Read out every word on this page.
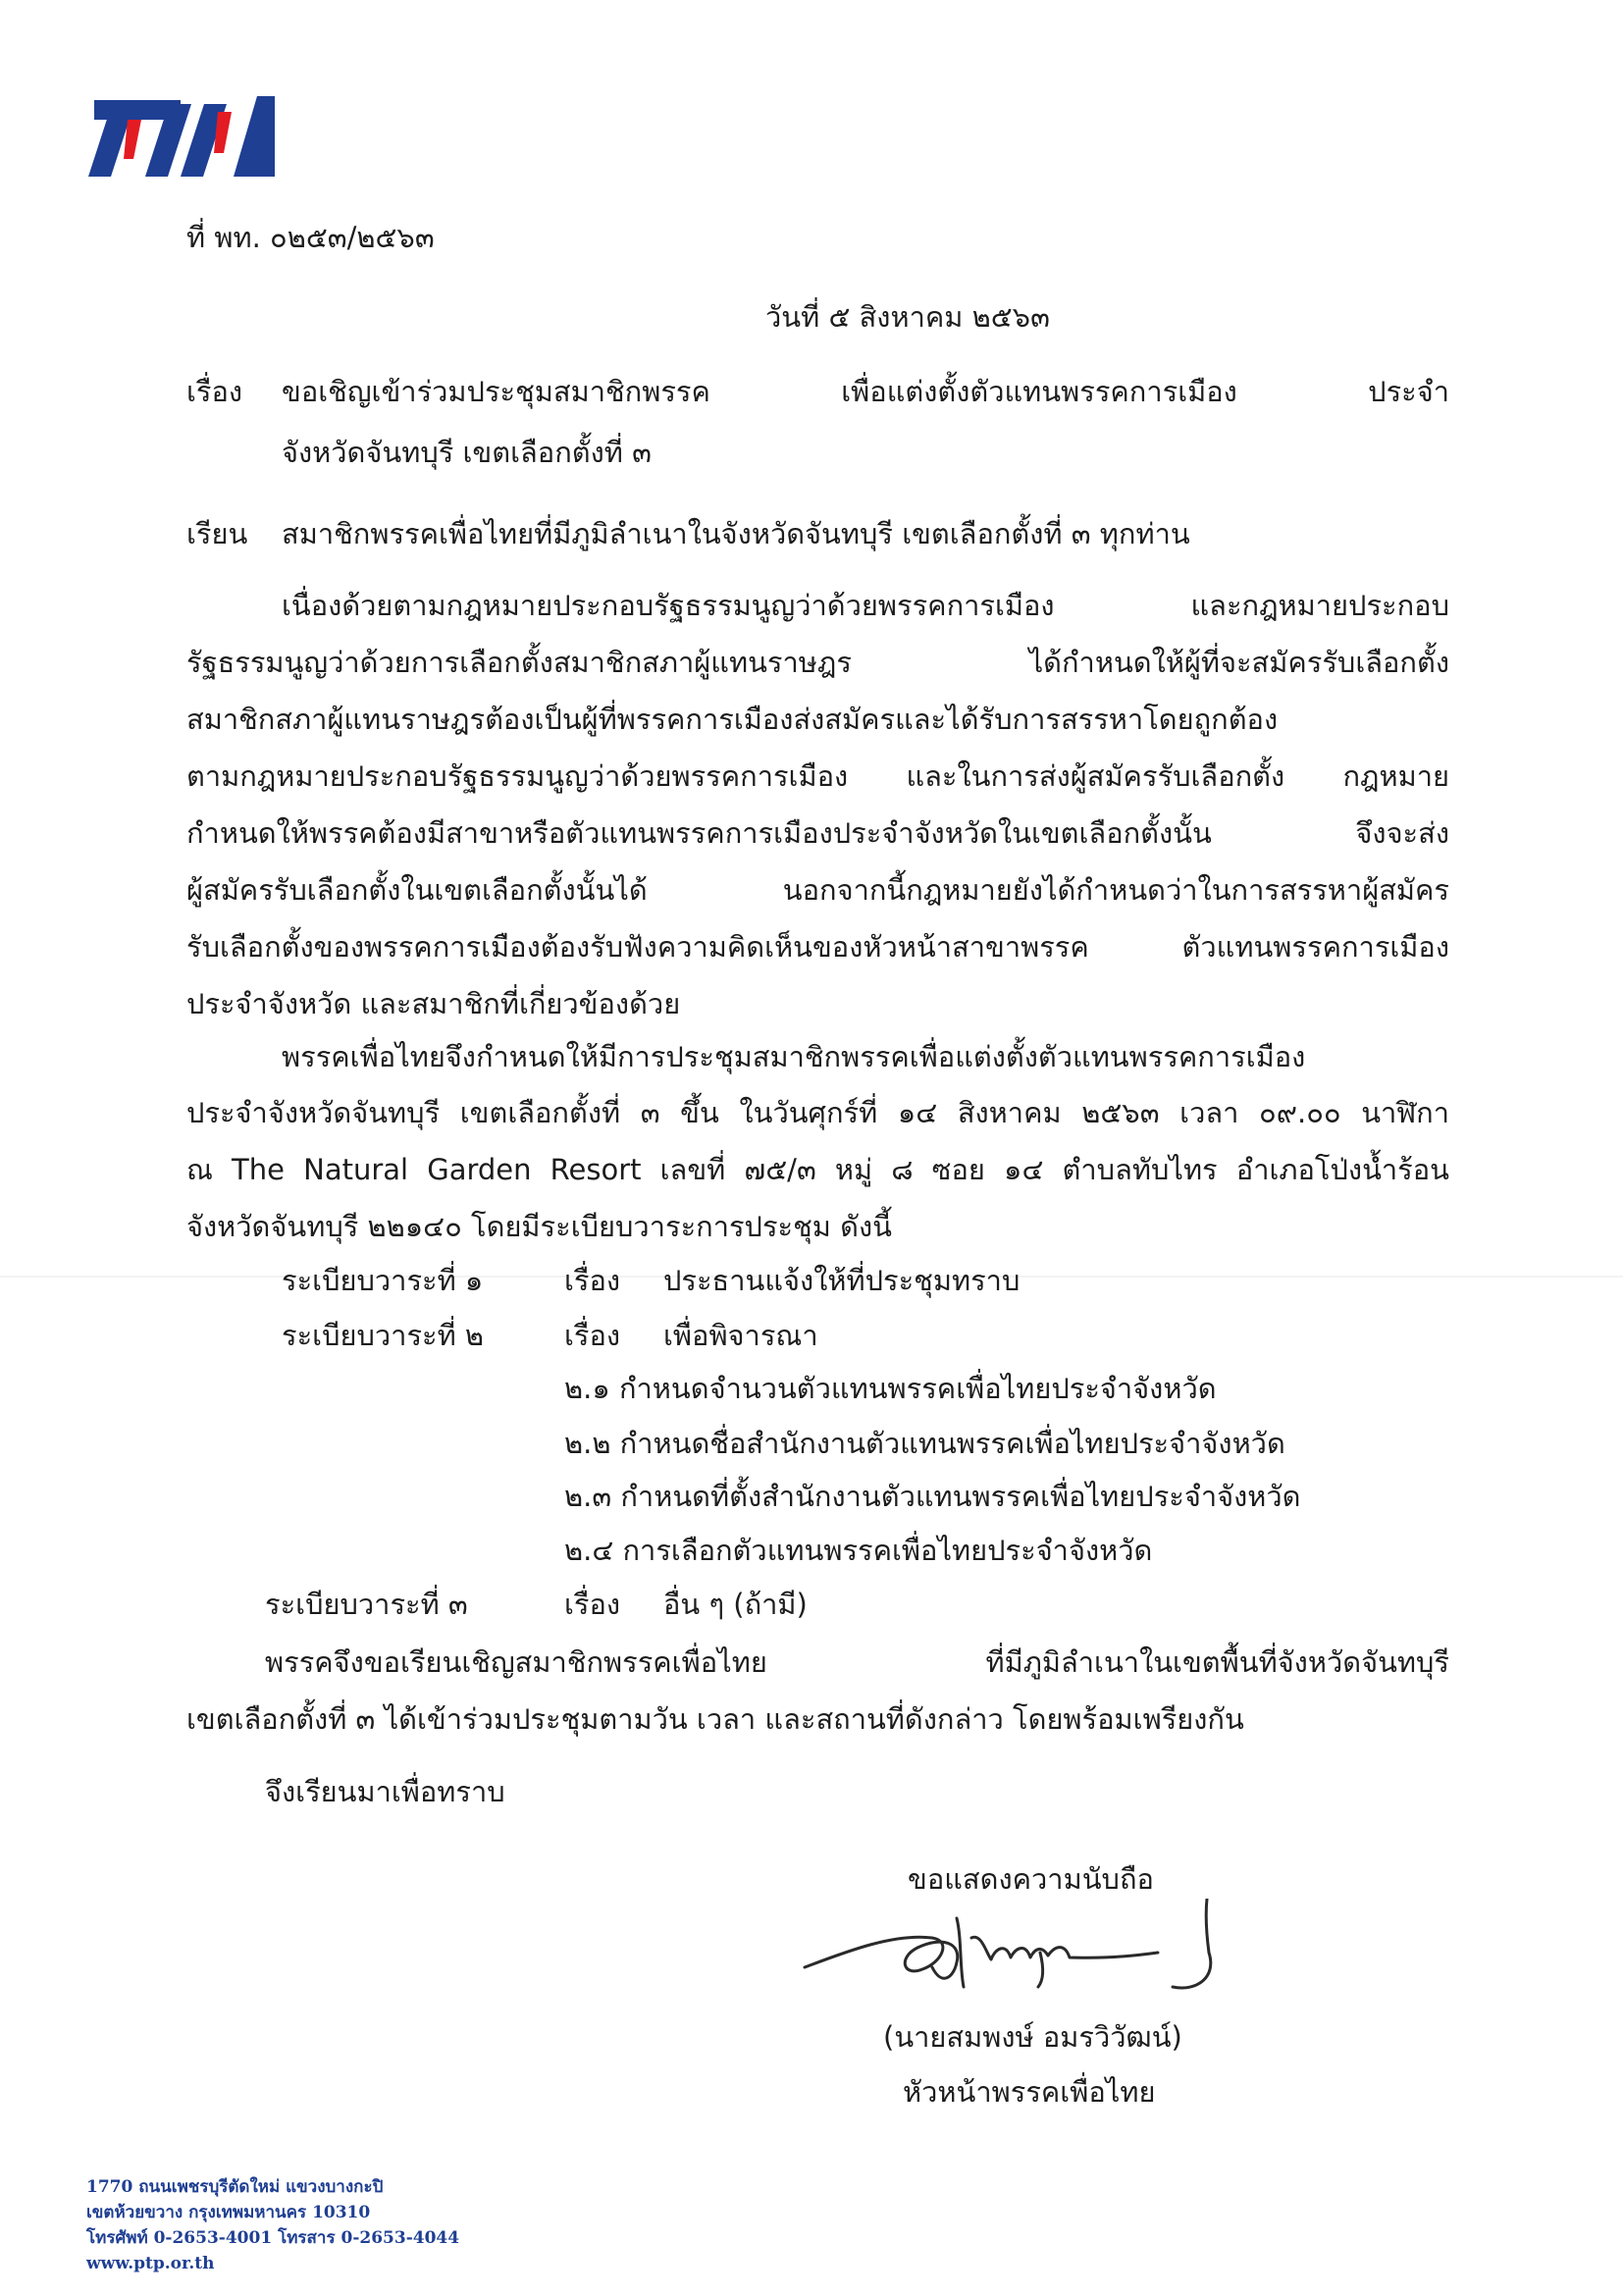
ที่ พท. ๐๒๕๓/๒๕๖๓
วันที่ ๕ สิงหาคม ๒๕๖๓
เรื่อง ขอเชิญเข้าร่วมประชุมสมาชิกพรรค เพื่อแต่งตั้งตัวแทนพรรคการเมือง ประจำ
จังหวัดจันทบุรี เขตเลือกตั้งที่ ๓
เรียน สมาชิกพรรคเพื่อไทยที่มีภูมิลำเนาในจังหวัดจันทบุรี เขตเลือกตั้งที่ ๓ ทุกท่าน
เนื่องด้วยตามกฎหมายประกอบรัฐธรรมนูญว่าด้วยพรรคการเมือง และกฎหมายประกอบ
รัฐธรรมนูญว่าด้วยการเลือกตั้งสมาชิกสภาผู้แทนราษฎร ได้กำหนดให้ผู้ที่จะสมัครรับเลือกตั้ง
สมาชิกสภาผู้แทนราษฎรต้องเป็นผู้ที่พรรคการเมืองส่งสมัครและได้รับการสรรหาโดยถูกต้อง
ตามกฎหมายประกอบรัฐธรรมนูญว่าด้วยพรรคการเมือง และในการส่งผู้สมัครรับเลือกตั้ง กฎหมาย
กำหนดให้พรรคต้องมีสาขาหรือตัวแทนพรรคการเมืองประจำจังหวัดในเขตเลือกตั้งนั้น จึงจะส่ง
ผู้สมัครรับเลือกตั้งในเขตเลือกตั้งนั้นได้ นอกจากนี้กฎหมายยังได้กำหนดว่าในการสรรหาผู้สมัคร
รับเลือกตั้งของพรรคการเมืองต้องรับฟังความคิดเห็นของหัวหน้าสาขาพรรค ตัวแทนพรรคการเมือง
ประจำจังหวัด และสมาชิกที่เกี่ยวข้องด้วย
พรรคเพื่อไทยจึงกำหนดให้มีการประชุมสมาชิกพรรคเพื่อแต่งตั้งตัวแทนพรรคการเมือง
ประจำจังหวัดจันทบุรี เขตเลือกตั้งที่ ๓ ขึ้น ในวันศุกร์ที่ ๑๔ สิงหาคม ๒๕๖๓ เวลา ๐๙.๐๐ นาฬิกา
ณ The Natural Garden Resort เลขที่ ๗๕/๓ หมู่ ๘ ซอย ๑๔ ตำบลทับไทร อำเภอโป่งน้ำร้อน
จังหวัดจันทบุรี ๒๒๑๔๐ โดยมีระเบียบวาระการประชุม ดังนี้
ระเบียบวาระที่ ๑	เรื่อง ประธานแจ้งให้ที่ประชุมทราบ
ระเบียบวาระที่ ๒	เรื่อง เพื่อพิจารณา
๒.๑ กำหนดจำนวนตัวแทนพรรคเพื่อไทยประจำจังหวัด
๒.๒ กำหนดชื่อสำนักงานตัวแทนพรรคเพื่อไทยประจำจังหวัด
๒.๓ กำหนดที่ตั้งสำนักงานตัวแทนพรรคเพื่อไทยประจำจังหวัด
๒.๔ การเลือกตัวแทนพรรคเพื่อไทยประจำจังหวัด
ระเบียบวาระที่ ๓	เรื่อง อื่น ๆ (ถ้ามี)
พรรคจึงขอเรียนเชิญสมาชิกพรรคเพื่อไทย ที่มีภูมิลำเนาในเขตพื้นที่จังหวัดจันทบุรี
เขตเลือกตั้งที่ ๓ ได้เข้าร่วมประชุมตามวัน เวลา และสถานที่ดังกล่าว โดยพร้อมเพรียงกัน
จึงเรียนมาเพื่อทราบ
ขอแสดงความนับถือ
(นายสมพงษ์ อมรวิวัฒน์)
หัวหน้าพรรคเพื่อไทย
1770 ถนนเพชรบุรีตัดใหม่ แขวงบางกะปิ
เขตห้วยขวาง กรุงเทพมหานคร 10310
โทรศัพท์ 0-2653-4001 โทรสาร 0-2653-4044
www.ptp.or.th
